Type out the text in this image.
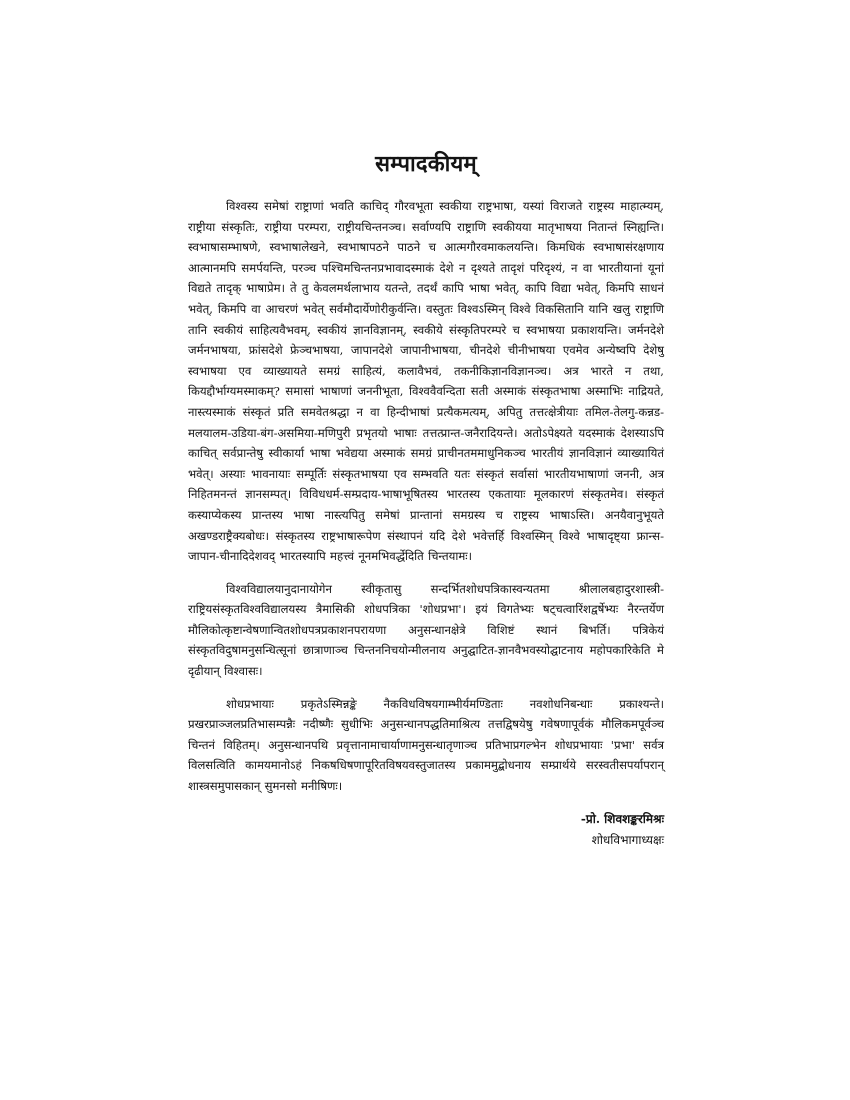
सम्पादकीयम्

विश्वस्य समेषां राष्ट्राणां भवति काचिद् गौरवभूता स्वकीया राष्ट्रभाषा, यस्यां विराजते राष्ट्रस्य माहात्म्यम्, राष्ट्रीया संस्कृतिः, राष्ट्रीया परम्परा, राष्ट्रीयचिन्तनञ्च। सर्वाण्यपि राष्ट्राणि स्वकीयया मातृभाषया नितान्तं स्निह्यन्ति। स्वभाषासम्भाषणे, स्वभाषालेखने, स्वभाषापठने पाठने च आत्मगौरवमाकलयन्ति। किमधिकं स्वभाषासंरक्षणाय आत्मानमपि समर्पयन्ति, परञ्च पश्चिमचिन्तनप्रभावादस्माकं देशे न दृश्यते तादृशं परिदृश्यं, न वा भारतीयानां यूनां विद्यते तादृक् भाषाप्रेम। ते तु केवलमर्थलाभाय यतन्ते, तदर्थं कापि भाषा भवेत्, कापि विद्या भवेत्, किमपि साधनं भवेत्, किमपि वा आचरणं भवेत् सर्वमौदार्येणोरीकुर्वन्ति। वस्तुतः विश्वऽस्मिन् विश्वे विकसितानि यानि खलु राष्ट्राणि तानि स्वकीयं साहित्यवैभवम्, स्वकीयं ज्ञानविज्ञानम्, स्वकीये संस्कृतिपरम्परे च स्वभाषया प्रकाशयन्ति। जर्मनदेशे जर्मनभाषया, फ्रांसदेशे फ्रेञ्चभाषया, जापानदेशे जापानीभाषया, चीनदेशे चीनीभाषया एवमेव अन्येष्वपि देशेषु स्वभाषया एव व्याख्यायते समग्रं साहित्यं, कलावैभवं, तकनीकिज्ञानविज्ञानञ्च। अत्र भारते न तथा, कियद्दौर्भाग्यमस्माकम्? समासां भाषाणां जननीभूता, विश्ववैवन्दिता सती अस्माकं संस्कृतभाषा अस्माभिः नाद्रियते, नास्त्यस्माकं संस्कृतं प्रति समवेतश्रद्धा न वा हिन्दीभाषां प्रत्यैकमत्यम्, अपितु तत्तत्क्षेत्रीयाः तमिल-तेलगु-कन्नड-मलयालम-उडिया-बंग-असमिया-मणिपुरी प्रभृतयो भाषाः तत्तत्प्रान्त-जनैरादियन्ते। अतोऽपेक्ष्यते यदस्माकं देशस्याऽपि काचित् सर्वप्रान्तेषु स्वीकार्या भाषा भवेद्यया अस्माकं समग्रं प्राचीनतममाधुनिकञ्च भारतीयं ज्ञानविज्ञानं व्याख्यायितं भवेत्। अस्याः भावनायाः सम्पूर्तिः संस्कृतभाषया एव सम्भवति यतः संस्कृतं सर्वासां भारतीयभाषाणां जननी, अत्र निहितमनन्तं ज्ञानसम्पत्। विविधधर्म-सम्प्रदाय-भाषाभूषितस्य भारतस्य एकतायाः मूलकारणं संस्कृतमेव। संस्कृतं कस्याप्येकस्य प्रान्तस्य भाषा नास्त्यपितु समेषां प्रान्तानां समग्रस्य च राष्ट्रस्य भाषाऽस्ति। अनयैवानुभूयते अखण्डराष्ट्रैक्यबोधः। संस्कृतस्य राष्ट्रभाषारूपेण संस्थापनं यदि देशे भवेत्तर्हि विश्वस्मिन् विश्वे भाषादृष्ट्या फ्रान्स-जापान-चीनादिदेशवद् भारतस्यापि महत्त्वं नूनमभिवर्द्धेदिति चिन्तयामः।

विश्वविद्यालयानुदानायोगेन स्वीकृतासु सन्दर्भितशोधपत्रिकास्वन्यतमा श्रीलालबहादुरशास्त्री-राष्ट्रियसंस्कृतविश्वविद्यालयस्य त्रैमासिकी शोधपत्रिका 'शोधप्रभा'। इयं विगतेभ्यः षट्चत्वारिंशद्वर्षेभ्यः नैरन्तर्येण मौलिकोत्कृष्टान्वेषणान्वितशोधपत्रप्रकाशनपरायणा अनुसन्धानक्षेत्रे विशिष्टं स्थानं बिभर्ति। पत्रिकेयं संस्कृतविदुषामनुसन्धित्सूनां छात्राणाञ्च चिन्तननिचयोन्मीलनाय अनुद्घाटित-ज्ञानवैभवस्योद्घाटनाय महोपकारिकेति मे दृढीयान् विश्वासः।

शोधप्रभायाः प्रकृतेऽस्मिन्नङ्के नैकविधविषयगाम्भीर्यमण्डिताः नवशोधनिबन्धाः प्रकाश्यन्ते। प्रखरप्राञ्जलप्रतिभासम्पन्नैः नदीष्णैः सुधीभिः अनुसन्धानपद्धतिमाश्रित्य तत्तद्विषयेषु गवेषणापूर्वकं मौलिकमपूर्वञ्च चिन्तनं विहितम्। अनुसन्धानपथि प्रवृत्तानामाचार्याणामनुसन्धातृणाञ्च प्रतिभाप्रगल्भेन शोधप्रभायाः 'प्रभा' सर्वत्र विलसत्विति कामयमानोऽहं निकषधिषणापूरितविषयवस्तुजातस्य प्रकाममुद्बोधनाय सम्प्रार्थये सरस्वतीसपर्यापरान् शास्त्रसमुपासकान् सुमनसो मनीषिणः।

-प्रो. शिवशङ्करमिश्रः

शोधविभागाध्यक्षः
